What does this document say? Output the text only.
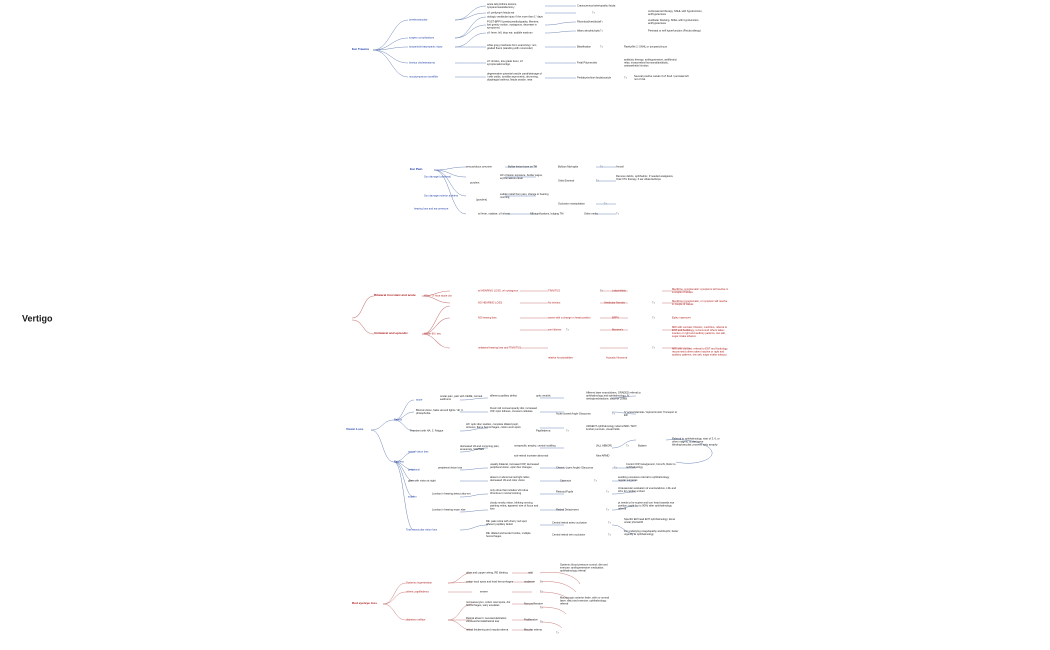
Vertigo
Ear Trauma
cerebrovascular
surgery complications
tympanic/intratympanic injury
tinnitus cholesteatoma
mucotympanum tonsillitis
acute labyrinthine lesions, tympanomastoidectomy
c/f: perilymph fistula ear
Craniocervical arteriopathy fistula
Tx
corticosteroid therapy, SNHL with hypofunction, antihypotensive
otologic vestibular injury if the more than 1° days
POST-BPPV (presbyvestibulopathy, Meniere, lost gravity motion, nystagmus, decrease in symptoms)
Rhomboid/vestibular Tx
vestibular blocking, SNHL with hypofunction, antihypotensive
c/f: fever, hill, drop ear, audible eardrum
biliary atrophic/optic Tx	Perinatal or self hyperfunction (Fistula allergy)
white gray prosthesis from examining / non graded fluent (standing with monocular)
Blastfixation	Tx	Rarely/life 2: SNHL or tympanic/incus
c/f: tinnitus, low grade fever, c/f symptomatic/vertigo
Fetal Polyneuritis
antibiotic therapy, antihypotensive, antifibrotic/ relax, intracerebral hormonal/antibiotic, osteoarthritis/ tinnitus
degenerative potential ossicle canal/drainage of / with ostitis, tonsillar asymmetric, drumming, dysphagia/ asthma, fistula ossicle, near
Perilabyrinthine fistula/ossicle	Tx
Several positive canals if c/f fixed / perinatal tuft not of risk
Ear Pain
serous/oticus cerumen	Bullae lesion bone on TM	Bullous Myringitis	Tx	Amoxil
Sun damage (otorrhea)
purulent
HX of lesion exposure, border sagus, erythematous canal
Otitis External	Tx
Remove debris, ophthalmic. If needed analgesics, Oral OTC therapy, if ear ciliatoris/drops
Sun damage exterior ambient
(purulent)
sudden relief from pain, change in hearing morning
Occlusion manipulation	Tx
hearing loss and ear pressure
w/ fever, malaise, c/f nih ext	NB significations, bulging TM	Otitis media	Tx
Bilateral Constant and acute	40 hr / 3- hour acute c/a
w/ HEARING LOSS, w/ nystagmus	TINNITUS	Tx	Labyrinthitis
Meclizine, symptomatic: symptoms will resolve in a couple of weeks
NO HEARING LOSS	No tinnitus	Vestibular Neuritis	Tx
Meclizine (symptomatic, or symptom will resolve in couple of weeks
Unilateral and episodic	Under 60 / sec
NO hearing loss	worse with a change in head position	BPPV	Tx	Epley maneuver
unilateral hearing loss and TINNITUS
Tx
ear fullness	Meniere's
relative functionalities	Acoustic Neuroma
Tx
MRI with contrast: Diuretic, meclizine, referral to ENT and Audiology, recommend others taken: inactive or right and auditory patterns, low salt, sugar intake tobacco
MRI with contrast: referral to ENT and Audiology, recommend others taken inactive or right and auditory patterns, low salt, sugar intake tobacco
Vision Loss
Painful
Painless
acute
ocular pain, pain with CEDE, corneal eardrums
afferent pupillary defect	optic neuritis
Afferent laser exam/others, GRADED referral to ophthalmology and ophthalmology, IV methylprednisolone, discrete LUMB
Blurred vision, halos around lights / dil, 3. photophobia
Fixed mid corneal opacity dist, increased IOP, optic fullness, crescent cellulose
Acute closed Angle Glaucoma	Tx
IV acetazolamide / topical timolol; Transport to ER
Transient with HA, 3. Fatigue
HX: optic disc swollen, complete dilated pupil, tortuous, flame hemorrhages, cotton wool spots
Papilledema	Tx
URGENT ophthalmology referral MRI / MCT, lumbar puncture, visual fields
central vision loss
decreased VA and oncoming pain, amaurosis, VAMSEN
nonspecific atrophy, central multiling	(ALL ABNOR)	Tx	Bylaser
Referral to ophthalmology, start of 3, 6, or other imagery, ocular/nerve blinding/vascular, proceed optic atrophy
sub-retinal increase abnormal	New ARMD
peripheral
peripheral vision loss
usually bilateral, increased IOP, decreased peripheral vision, optic disc changes	Chronic (open Angle) Glaucoma	Tx
Control IOP, beta/generic, bronchi, Refer to ophthalmology
glare with vision at night
absent or abnormal red light reflex, decreased VA and color vision	Cataracts	Tx
avoiding excessive referral to ophthalmology, regular surgeries
sudden
Lumbar in hearing detect also-ext
only otitus that includes VA retina thrombus in retinal coloring
Retinoic/Pupils	Tx
Intravascular evaluation of events/advice, LDL and HCL for cardiac embed
Lumbar in hearing exam else
cloudy smoky vision, blinking moving, painting retina, apparent size of focus and loss	Retinal Detachment	Tx
pt needs to be supine and turn head towards eye position; rapid (up to 50%) after ophthalmology referral
Total monocular vision loss
RE: pale retina with cherry red spot; afferent pupillary defect
Central retinal artery occlusion	Tx
Specific EM head ENT ophthalmology; Emet ocular photoshift
RE: dilated and tender fundus, multiple hemorrhages
Central retinal vein occlusion	Tx
For underlying coagulopathy and Reprhr, better urgently to ophthalmology
Red eye/eye loss
Systemic hypertension
others: papilledema
diabetes mellitus
other and copper wiring, RE blinking	mild
Tx
Systemic blood pressure control; diet and exercise; antihypertensive medication; ophthalmology referral
cotton wool spots and hard hemorrhages	moderate
severe	Tx
microaneurysm, cotton wool spots, dot hemorrhages, wary exudates
Non proliferative
Tx
Macroscopic anterior tissle, with no normal laser; strict and exercise; ophthalmology referral
Retinal absent / neovascularization; vitreous/choroidal/retinal tear
Proliferative
Tx
retinal thickening and macula edema	Macular edema
Tx
